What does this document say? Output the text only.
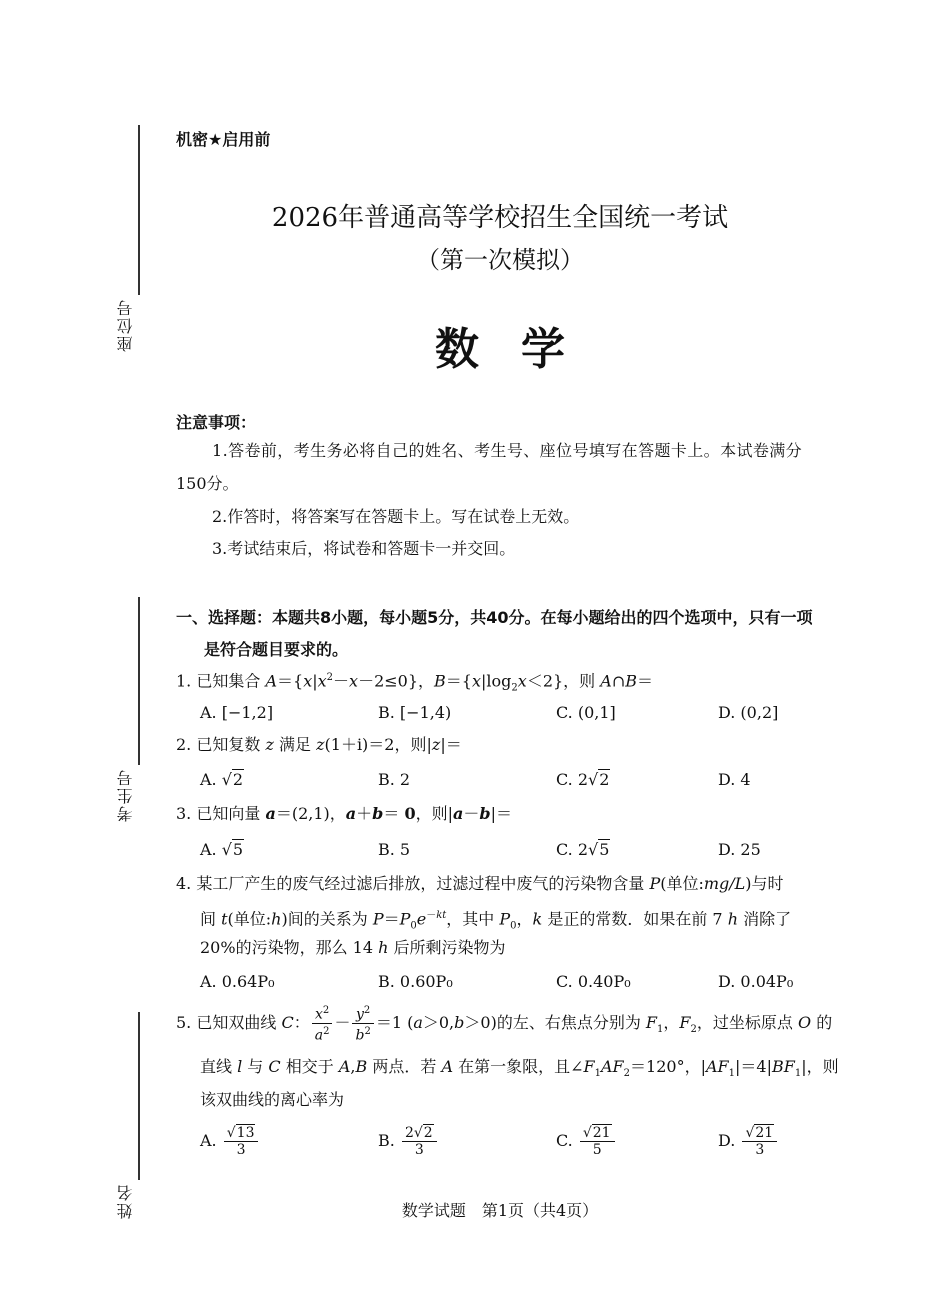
座位号
考生号
姓名
机密★启用前
2026年普通高等学校招生全国统一考试
（第一次模拟）
数学
注意事项：
1.答卷前，考生务必将自己的姓名、考生号、座位号填写在答题卡上。本试卷满分
150分。
2.作答时，将答案写在答题卡上。写在试卷上无效。
3.考试结束后，将试卷和答题卡一并交回。
一、选择题：本题共8小题，每小题5分，共40分。在每小题给出的四个选项中，只有一项
是符合题目要求的。
1. 已知集合 $A=\{x|x^2-x-2\le 0\}$，$B=\{x|\log_2x<2\}$，则 A∩B＝
A. [−1,2]	B. [−1,4)	C. (0,1]	D. (0,2]
2. 已知复数 z 满足 z(1＋i)＝2，则|z|＝
A. √2	B. 2	C. 2√2	D. 4
3. 已知向量 a＝(2,1)，a＋b＝ 0，则|a－b|＝
A. √5	B. 5	C. 2√5	D. 25
4. 某工厂产生的废气经过滤后排放，过滤过程中废气的污染物含量 P(单位:mg/L)与时
间 t(单位:h)间的关系为 $P=P_0e^{-kt}$，其中 $P_0$，k 是正的常数．如果在前 7 h 消除了
20%的污染物，那么 14 h 后所剩污染物为
A. 0.64P₀	B. 0.60P₀	C. 0.40P₀	D. 0.04P₀
5. 已知双曲线 C： $\frac{x^2}{a^2} - \frac{y^2}{b^2} =1$ (a＞0,b＞0)的左、右焦点分别为 $F_1$，$F_2$，过坐标原点 O 的
直线 l 与 C 相交于 A,B 两点．若 A 在第一象限，且$\angle F_1AF_2=120^\circ$，$|AF_1|=4|BF_1|$，则
该双曲线的离心率为
A. $\frac{√13}{3}$	B. $\frac{2√2}{3}$	C. $\frac{√21}{5}$	D. $\frac{√21}{3}$
数学试题　第1页（共4页）
